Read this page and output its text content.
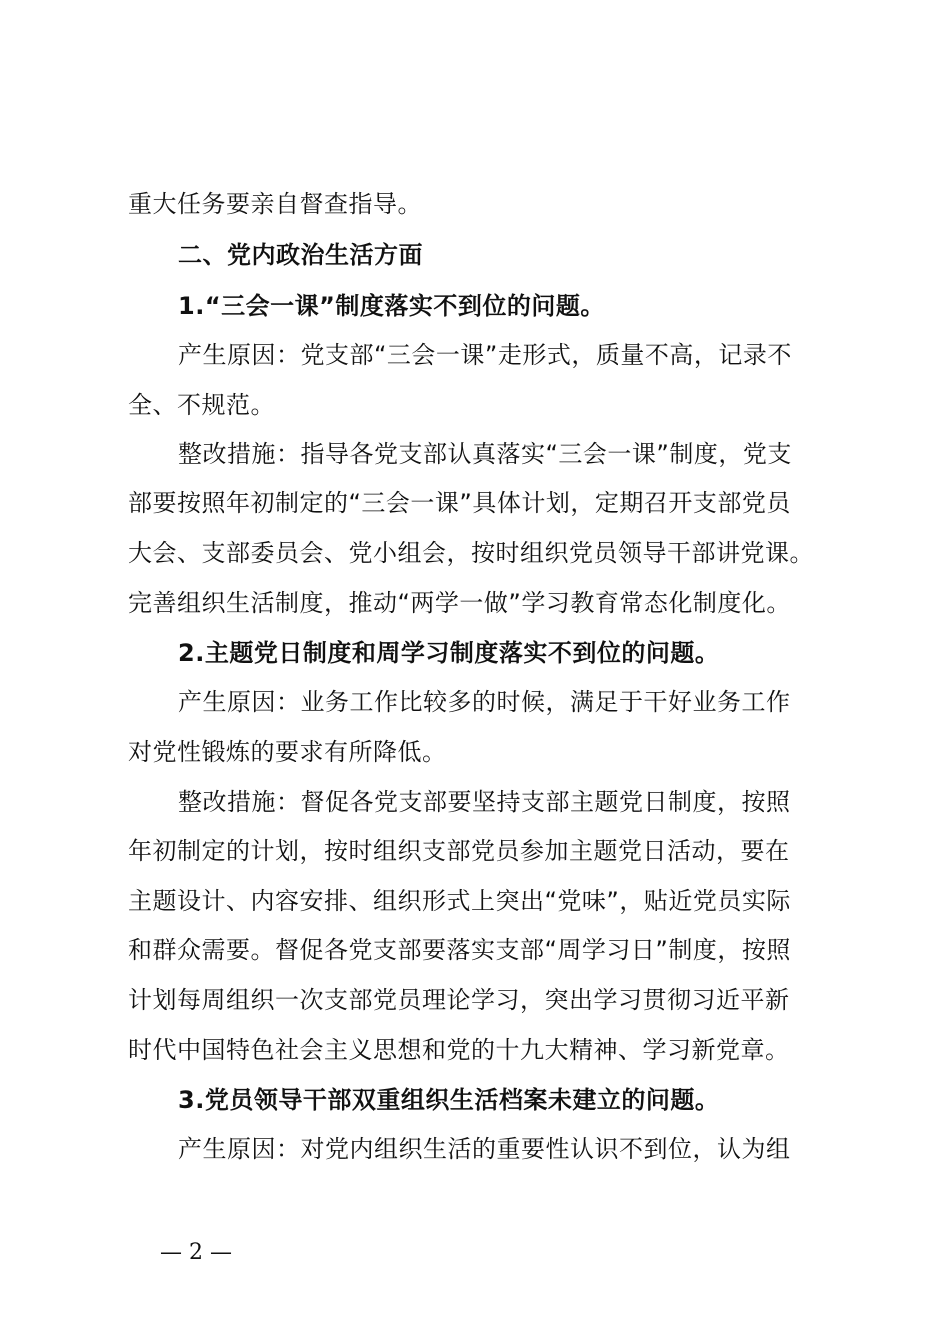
重大任务要亲自督查指导。
二、党内政治生活方面
1.“三会一课”制度落实不到位的问题。
产生原因：党支部“三会一课”走形式，质量不高，记录不
全、不规范。
整改措施：指导各党支部认真落实“三会一课”制度，党支
部要按照年初制定的“三会一课”具体计划，定期召开支部党员
大会、支部委员会、党小组会，按时组织党员领导干部讲党课。
完善组织生活制度，推动“两学一做”学习教育常态化制度化。
2.主题党日制度和周学习制度落实不到位的问题。
产生原因：业务工作比较多的时候，满足于干好业务工作
对党性锻炼的要求有所降低。
整改措施：督促各党支部要坚持支部主题党日制度，按照
年初制定的计划，按时组织支部党员参加主题党日活动，要在
主题设计、内容安排、组织形式上突出“党味”，贴近党员实际
和群众需要。督促各党支部要落实支部“周学习日”制度，按照
计划每周组织一次支部党员理论学习，突出学习贯彻习近平新
时代中国特色社会主义思想和党的十九大精神、学习新党章。
3.党员领导干部双重组织生活档案未建立的问题。
产生原因：对党内组织生活的重要性认识不到位，认为组
— 2 —
